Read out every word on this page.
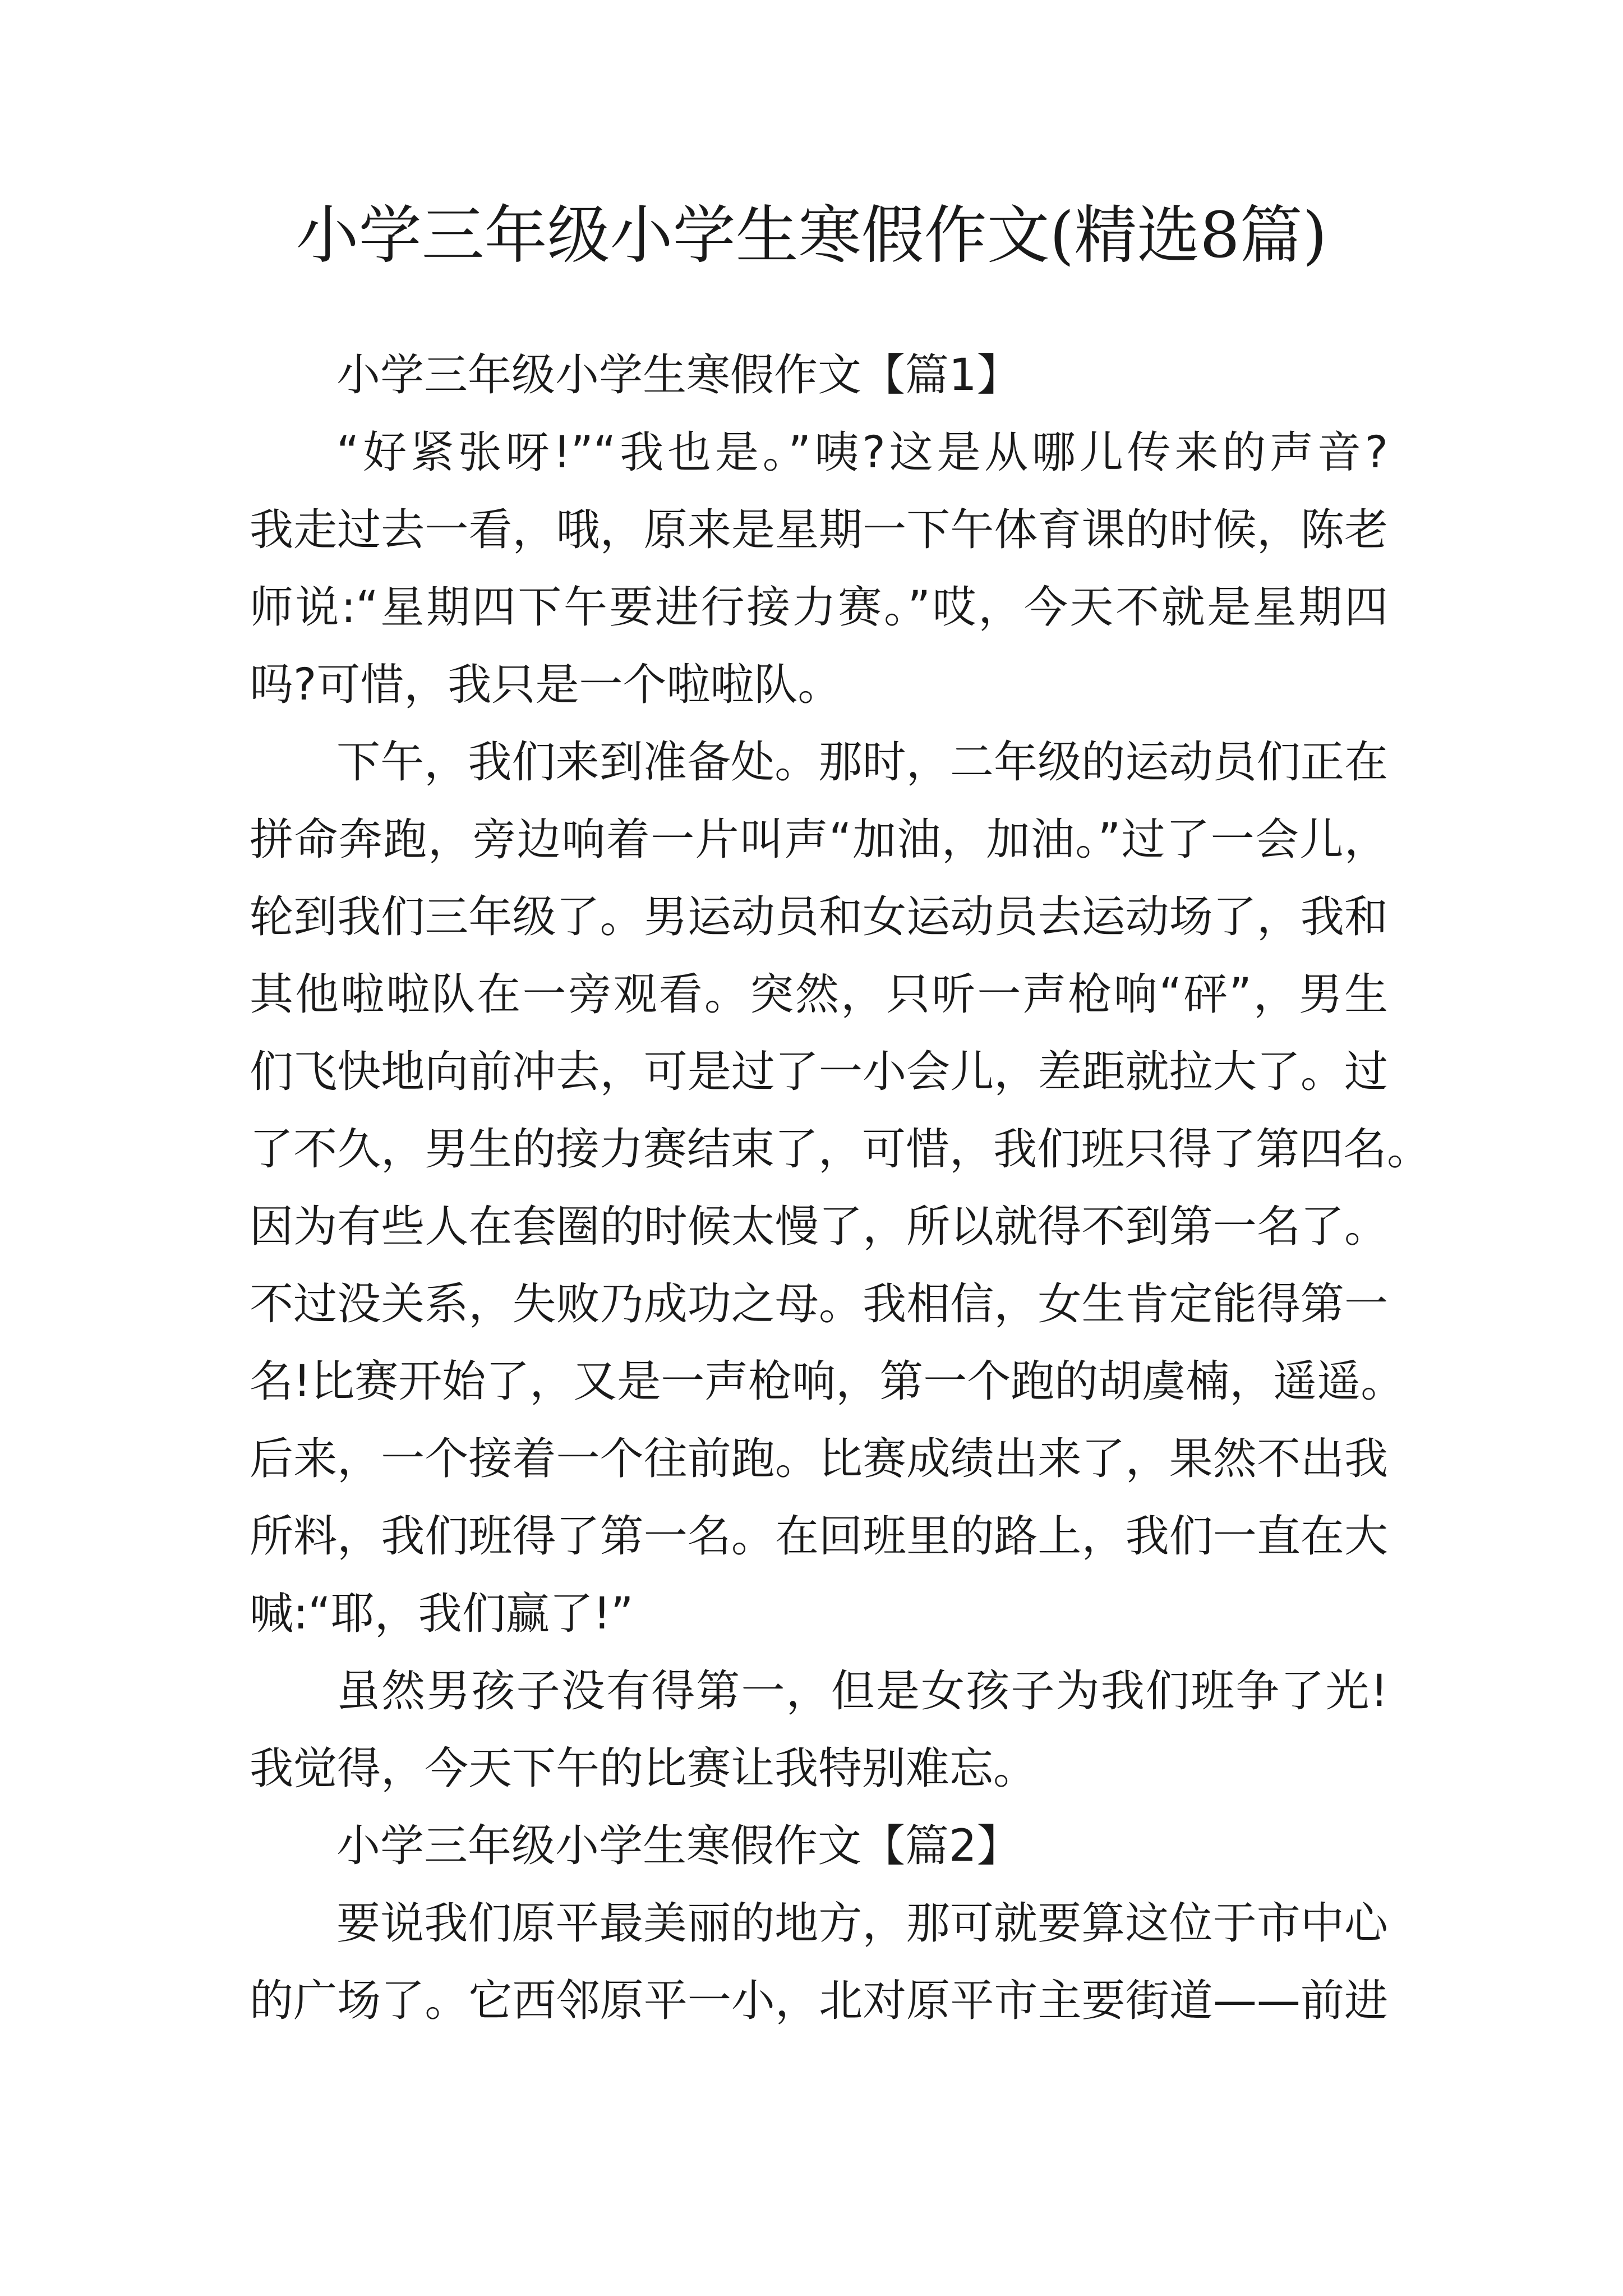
小学三年级小学生寒假作文(精选8篇)
小学三年级小学生寒假作文【篇1】
“好紧张呀!”“我也是。”咦?这是从哪儿传来的声音?
我走过去一看，哦，原来是星期一下午体育课的时候，陈老
师说:“星期四下午要进行接力赛。”哎，今天不就是星期四
吗?可惜，我只是一个啦啦队。
下午，我们来到准备处。那时，二年级的运动员们正在
拼命奔跑，旁边响着一片叫声“加油，加油。”过了一会儿，
轮到我们三年级了。男运动员和女运动员去运动场了，我和
其他啦啦队在一旁观看。突然，只听一声枪响“砰”，男生
们飞快地向前冲去，可是过了一小会儿，差距就拉大了。过
了不久，男生的接力赛结束了，可惜，我们班只得了第四名。
因为有些人在套圈的时候太慢了，所以就得不到第一名了。
不过没关系，失败乃成功之母。我相信，女生肯定能得第一
名!比赛开始了，又是一声枪响，第一个跑的胡虞楠，遥遥。
后来，一个接着一个往前跑。比赛成绩出来了，果然不出我
所料，我们班得了第一名。在回班里的路上，我们一直在大
喊:“耶，我们赢了!”
虽然男孩子没有得第一，但是女孩子为我们班争了光!
我觉得，今天下午的比赛让我特别难忘。
小学三年级小学生寒假作文【篇2】
要说我们原平最美丽的地方，那可就要算这位于市中心
的广场了。它西邻原平一小，北对原平市主要街道——前进
